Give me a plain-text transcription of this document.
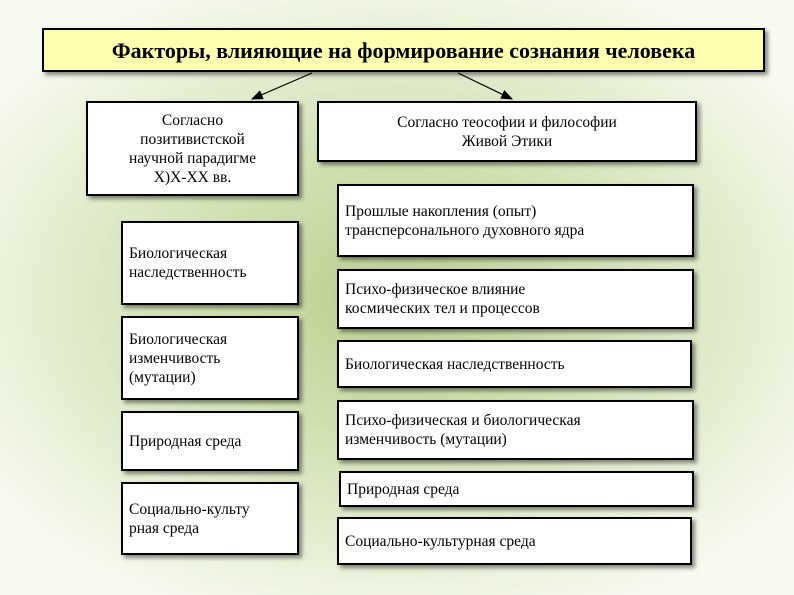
Факторы, влияющие на формирование сознания человека
Согласно
позитивистской
научной парадигме
X)X-XX вв.
Согласно теософии и философии
Живой Этики
Биологическая
наследственность
Биологическая
изменчивость
(мутации)
Природная среда
Социально-культу
рная среда
Прошлые накопления (опыт)
трансперсонального духовного ядра
Психо-физическое влияние
космических тел и процессов
Биологическая наследственность
Психо-физическая и биологическая
изменчивость (мутации)
Природная среда
Социально-культурная среда
